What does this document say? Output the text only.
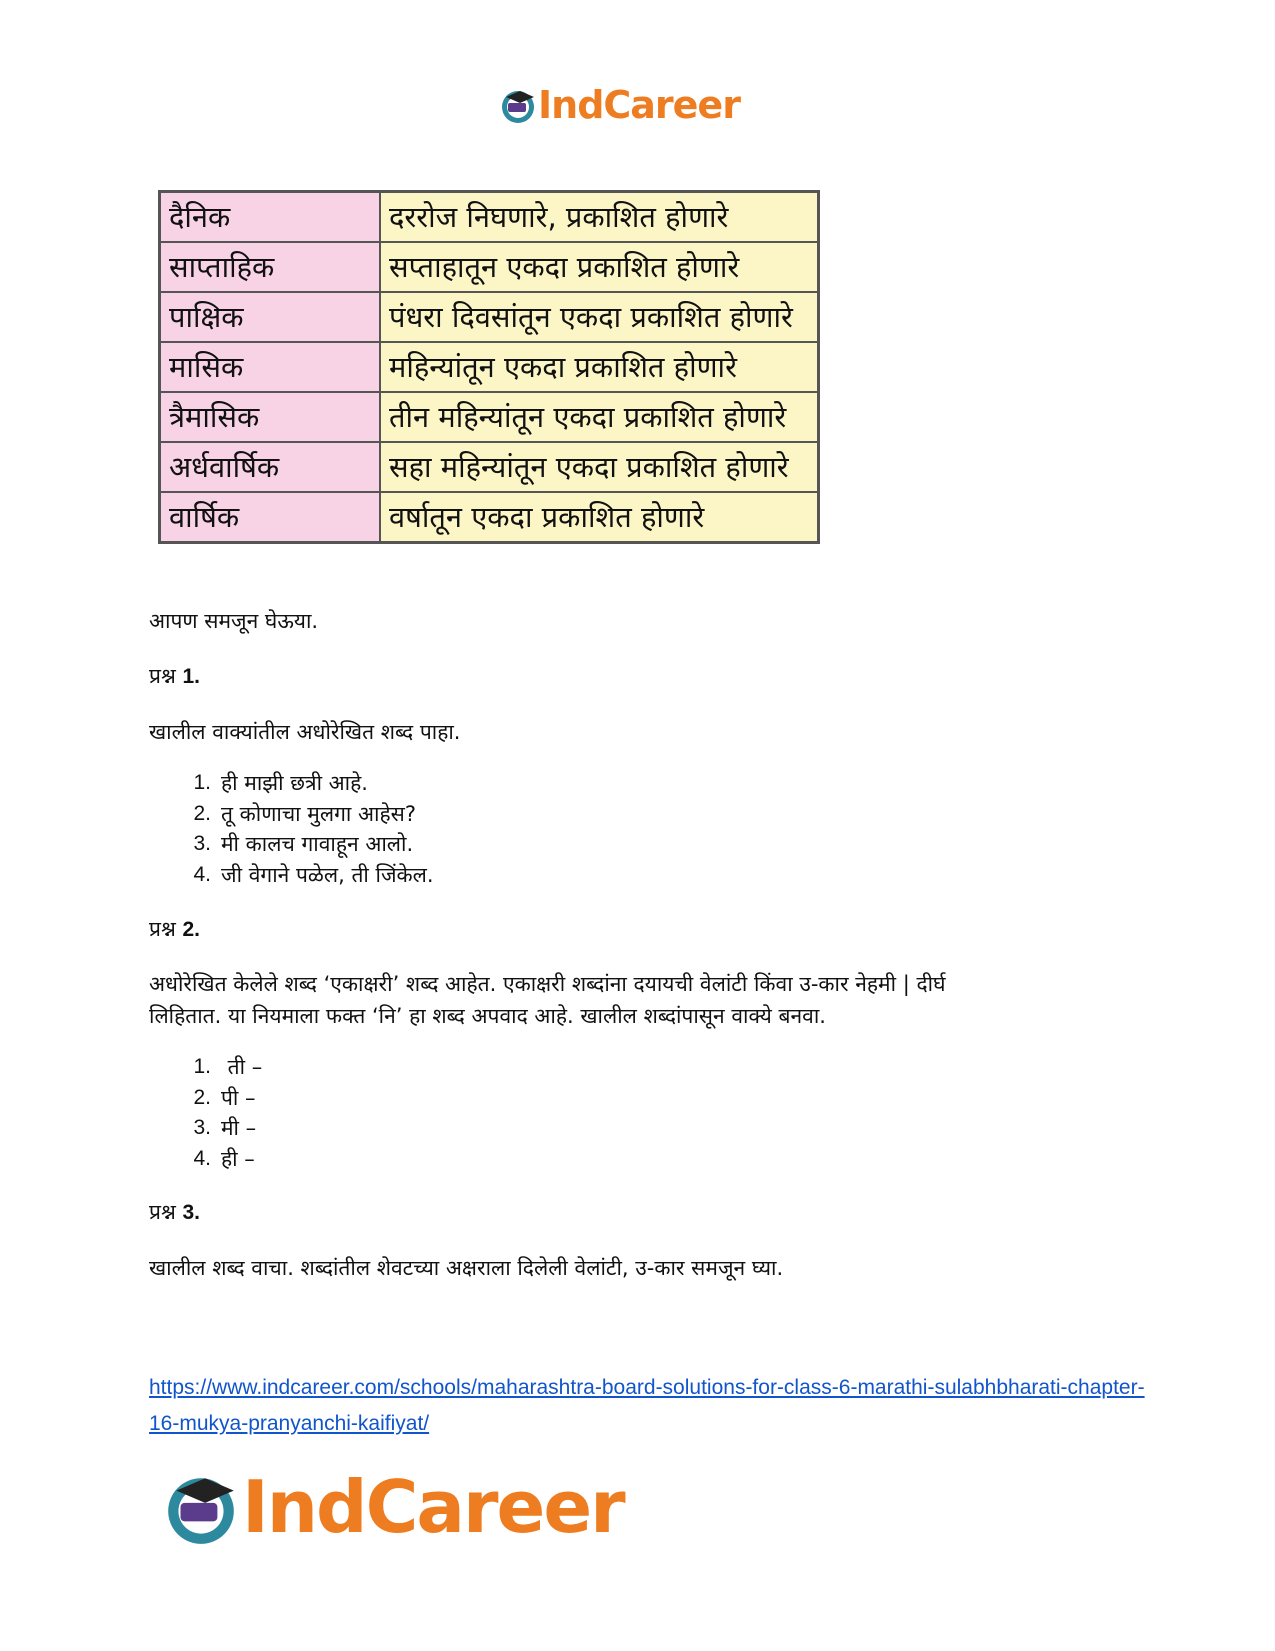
IndCareer
दैनिक	दररोज निघणारे, प्रकाशित होणारे
साप्ताहिक	सप्ताहातून एकदा प्रकाशित होणारे
पाक्षिक	पंधरा दिवसांतून एकदा प्रकाशित होणारे
मासिक	महिन्यांतून एकदा प्रकाशित होणारे
त्रैमासिक	तीन महिन्यांतून एकदा प्रकाशित होणारे
अर्धवार्षिक	सहा महिन्यांतून एकदा प्रकाशित होणारे
वार्षिक	वर्षातून एकदा प्रकाशित होणारे

आपण समजून घेऊया.

प्रश्न 1.

खालील वाक्यांतील अधोरेखित शब्द पाहा.

1. ही माझी छत्री आहे.
2. तू कोणाचा मुलगा आहेस?
3. मी कालच गावाहून आलो.
4. जी वेगाने पळेल, ती जिंकेल.

प्रश्न 2.

अधोरेखित केलेले शब्द ‘एकाक्षरी’ शब्द आहेत. एकाक्षरी शब्दांना दयायची वेलांटी किंवा उ-कार नेहमी | दीर्घ

लिहितात. या नियमाला फक्त ‘नि’ हा शब्द अपवाद आहे. खालील शब्दांपासून वाक्ये बनवा.

1. ती –
2. पी –
3. मी –
4. ही –

प्रश्न 3.

खालील शब्द वाचा. शब्दांतील शेवटच्या अक्षराला दिलेली वेलांटी, उ-कार समजून घ्या.

https://www.indcareer.com/schools/maharashtra-board-solutions-for-class-6-marathi-sulabhbharati-chapter-16-mukya-pranyanchi-kaifiyat/
IndCareer
